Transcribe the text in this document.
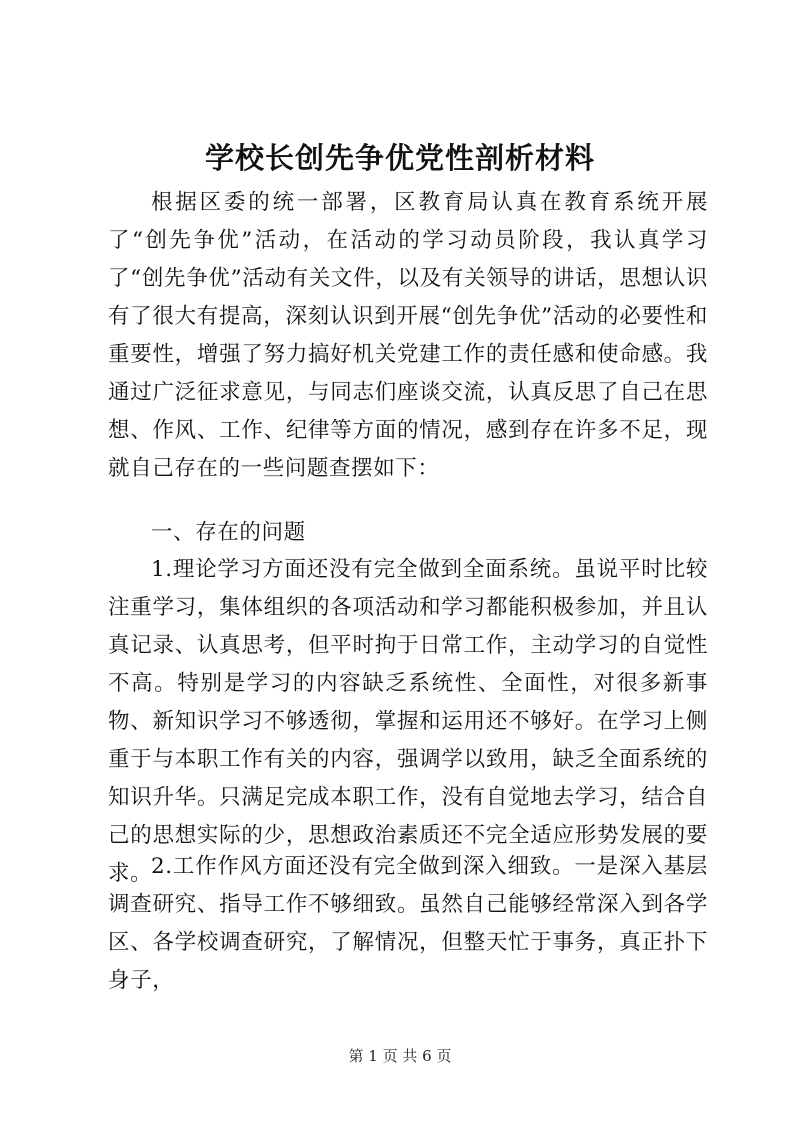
学校长创先争优党性剖析材料

根据区委的统一部署，区教育局认真在教育系统开展了“创先争优”活动，在活动的学习动员阶段，我认真学习了“创先争优”活动有关文件，以及有关领导的讲话，思想认识有了很大有提高，深刻认识到开展“创先争优”活动的必要性和重要性，增强了努力搞好机关党建工作的责任感和使命感。我通过广泛征求意见，与同志们座谈交流，认真反思了自己在思想、作风、工作、纪律等方面的情况，感到存在许多不足，现就自己存在的一些问题查摆如下：

一、存在的问题

1.理论学习方面还没有完全做到全面系统。虽说平时比较注重学习，集体组织的各项活动和学习都能积极参加，并且认真记录、认真思考，但平时拘于日常工作，主动学习的自觉性不高。特别是学习的内容缺乏系统性、全面性，对很多新事物、新知识学习不够透彻，掌握和运用还不够好。在学习上侧重于与本职工作有关的内容，强调学以致用，缺乏全面系统的知识升华。只满足完成本职工作，没有自觉地去学习，结合自己的思想实际的少，思想政治素质还不完全适应形势发展的要求。

2.工作作风方面还没有完全做到深入细致。一是深入基层调查研究、指导工作不够细致。虽然自己能够经常深入到各学区、各学校调查研究，了解情况，但整天忙于事务，真正扑下身子，

第 1 页 共 6 页
